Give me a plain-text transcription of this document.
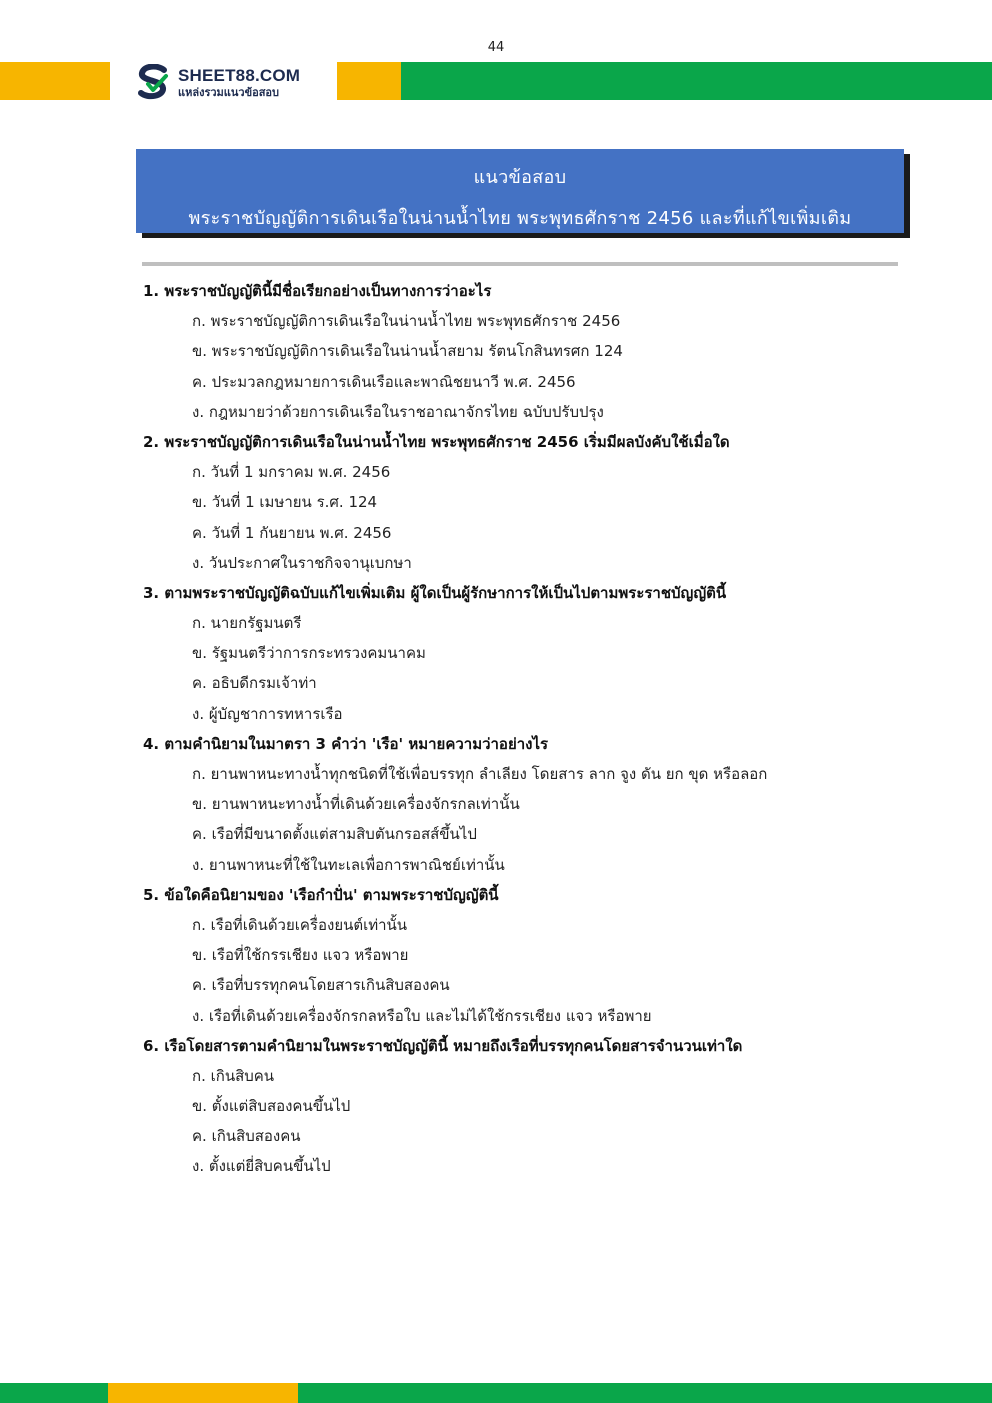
44
SHEET88.COM
แหล่งรวมแนวข้อสอบ
แนวข้อสอบ
พระราชบัญญัติการเดินเรือในน่านน้ำไทย พระพุทธศักราช 2456 และที่แก้ไขเพิ่มเติม
1. พระราชบัญญัตินี้มีชื่อเรียกอย่างเป็นทางการว่าอะไร
ก. พระราชบัญญัติการเดินเรือในน่านน้ำไทย พระพุทธศักราช 2456
ข. พระราชบัญญัติการเดินเรือในน่านน้ำสยาม รัตนโกสินทรศก 124
ค. ประมวลกฎหมายการเดินเรือและพาณิชยนาวี พ.ศ. 2456
ง. กฎหมายว่าด้วยการเดินเรือในราชอาณาจักรไทย ฉบับปรับปรุง
2. พระราชบัญญัติการเดินเรือในน่านน้ำไทย พระพุทธศักราช 2456 เริ่มมีผลบังคับใช้เมื่อใด
ก. วันที่ 1 มกราคม พ.ศ. 2456
ข. วันที่ 1 เมษายน ร.ศ. 124
ค. วันที่ 1 กันยายน พ.ศ. 2456
ง. วันประกาศในราชกิจจานุเบกษา
3. ตามพระราชบัญญัติฉบับแก้ไขเพิ่มเติม ผู้ใดเป็นผู้รักษาการให้เป็นไปตามพระราชบัญญัตินี้
ก. นายกรัฐมนตรี
ข. รัฐมนตรีว่าการกระทรวงคมนาคม
ค. อธิบดีกรมเจ้าท่า
ง. ผู้บัญชาการทหารเรือ
4. ตามคำนิยามในมาตรา 3 คำว่า 'เรือ' หมายความว่าอย่างไร
ก. ยานพาหนะทางน้ำทุกชนิดที่ใช้เพื่อบรรทุก ลำเลียง โดยสาร ลาก จูง ดัน ยก ขุด หรือลอก
ข. ยานพาหนะทางน้ำที่เดินด้วยเครื่องจักรกลเท่านั้น
ค. เรือที่มีขนาดตั้งแต่สามสิบตันกรอสส์ขึ้นไป
ง. ยานพาหนะที่ใช้ในทะเลเพื่อการพาณิชย์เท่านั้น
5. ข้อใดคือนิยามของ 'เรือกำปั่น' ตามพระราชบัญญัตินี้
ก. เรือที่เดินด้วยเครื่องยนต์เท่านั้น
ข. เรือที่ใช้กรรเชียง แจว หรือพาย
ค. เรือที่บรรทุกคนโดยสารเกินสิบสองคน
ง. เรือที่เดินด้วยเครื่องจักรกลหรือใบ และไม่ได้ใช้กรรเชียง แจว หรือพาย
6. เรือโดยสารตามคำนิยามในพระราชบัญญัตินี้ หมายถึงเรือที่บรรทุกคนโดยสารจำนวนเท่าใด
ก. เกินสิบคน
ข. ตั้งแต่สิบสองคนขึ้นไป
ค. เกินสิบสองคน
ง. ตั้งแต่ยี่สิบคนขึ้นไป
